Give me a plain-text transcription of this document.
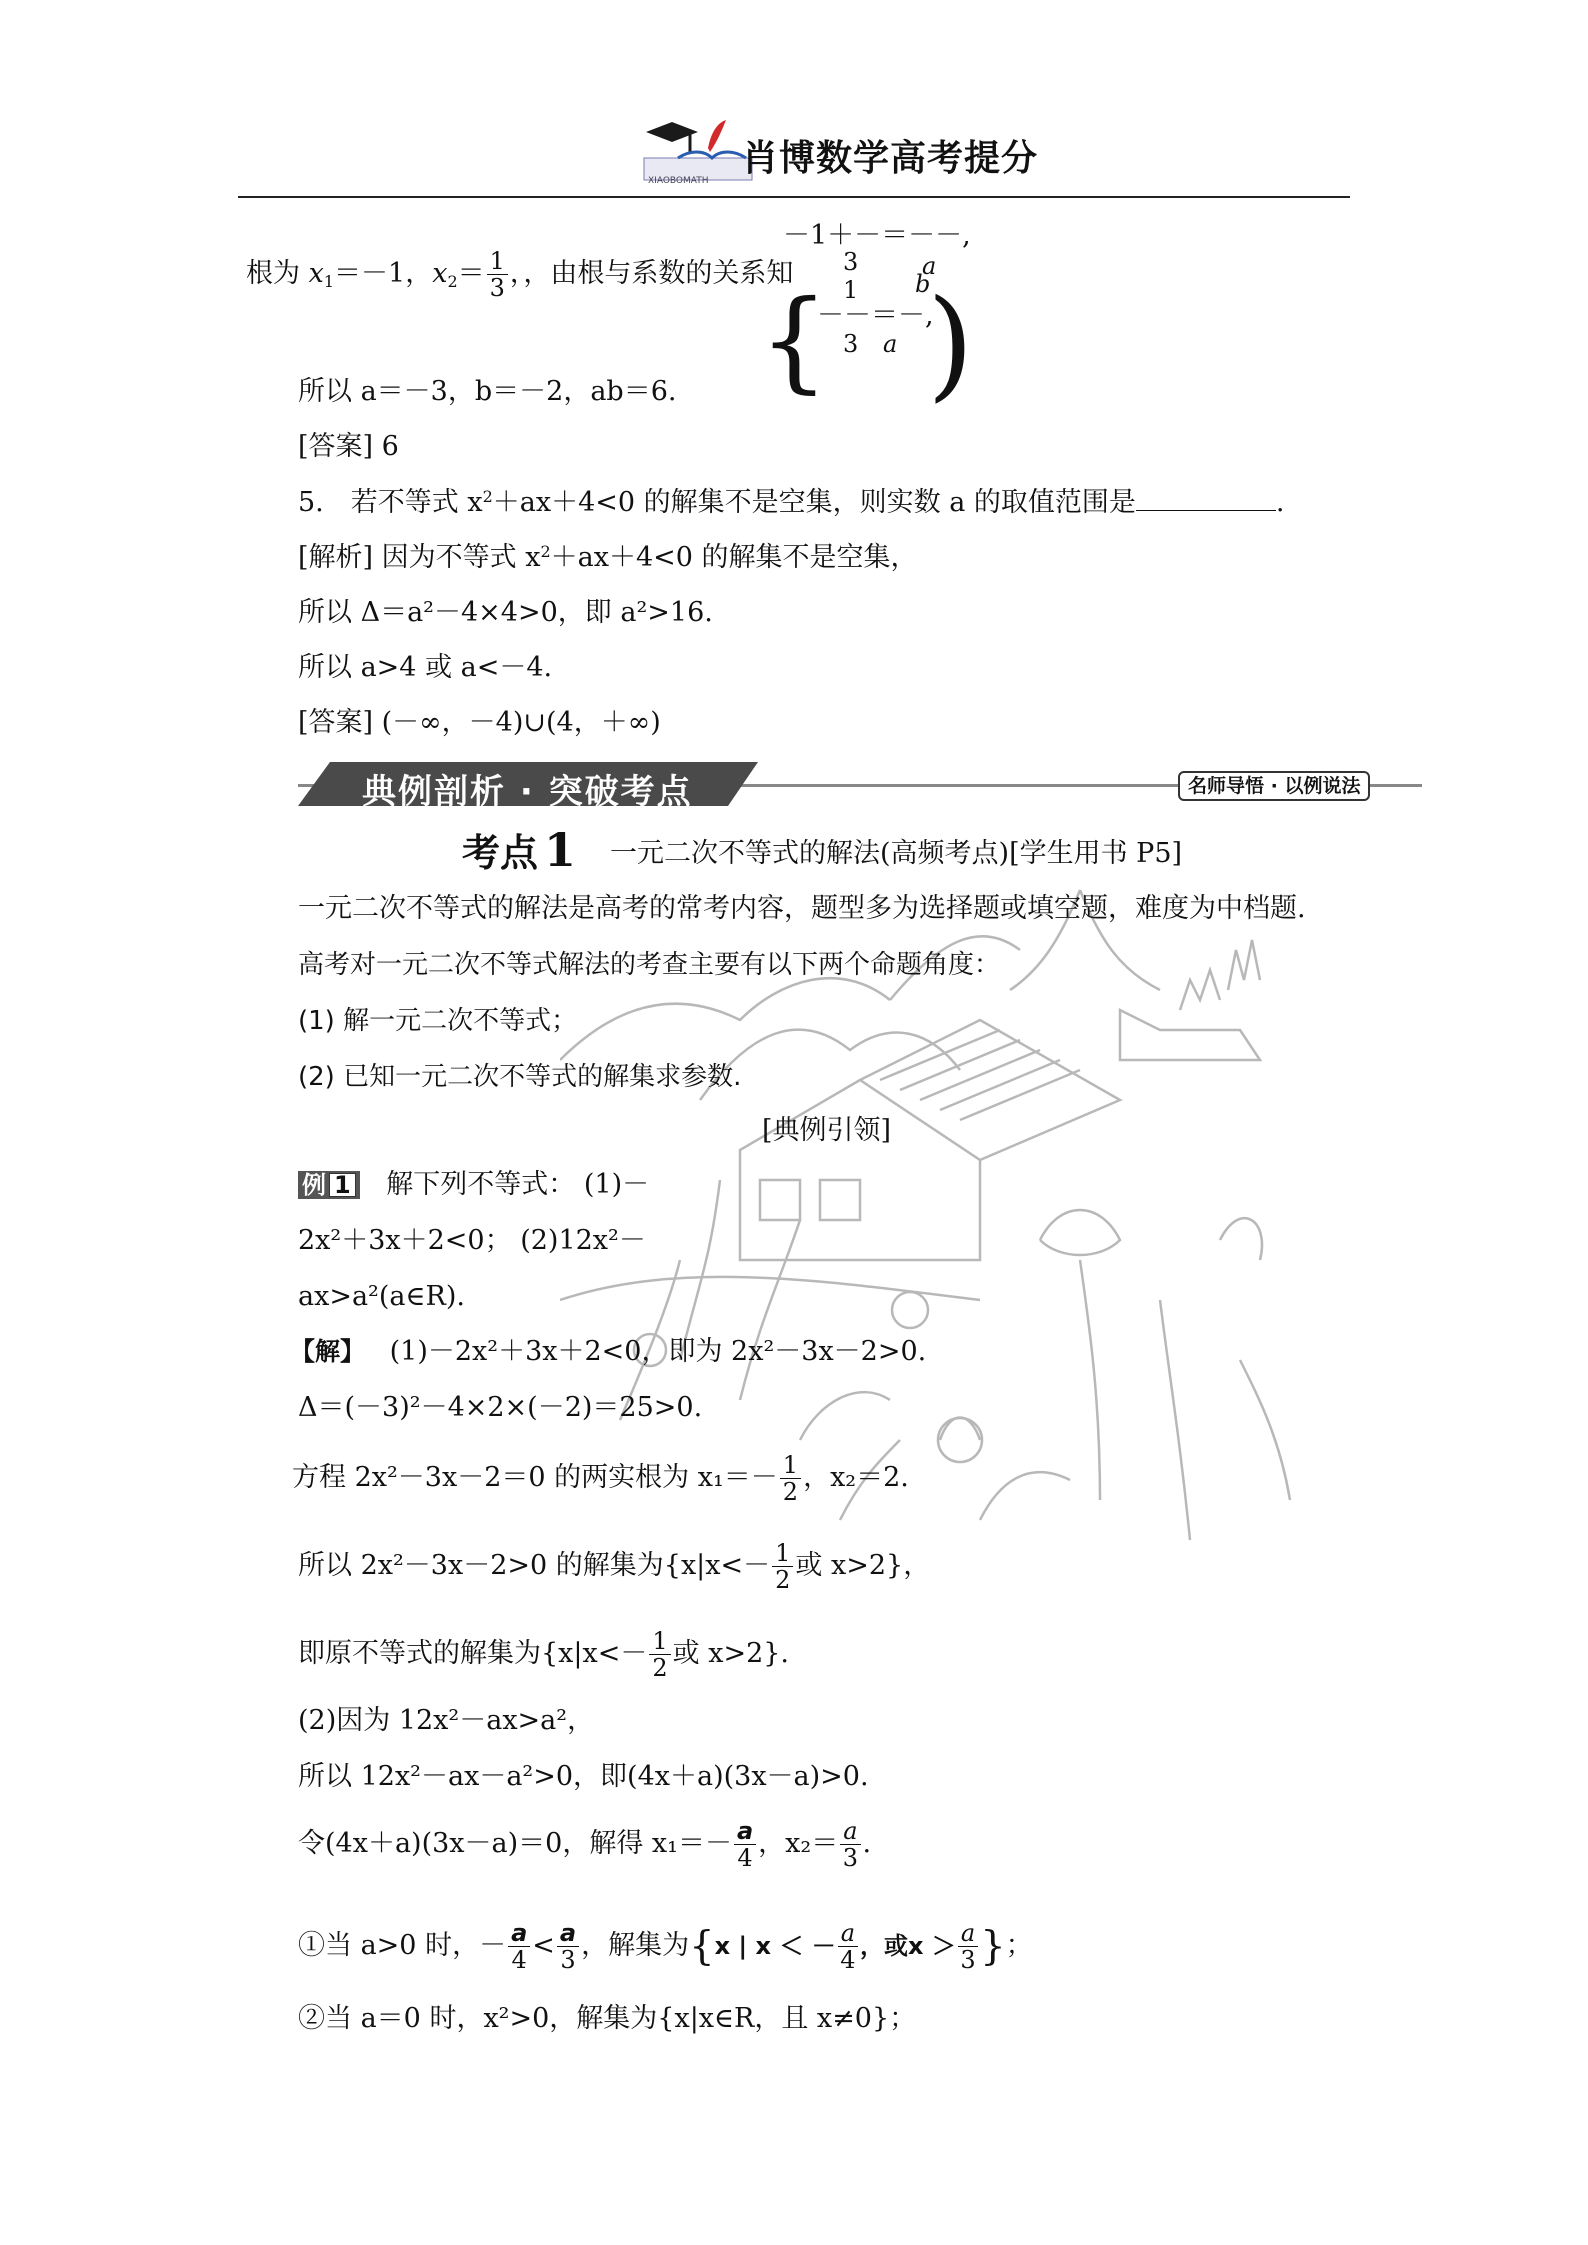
XIAOBOMATH
肖博数学高考提分
根为 $x_1=-1$，$x_2= \frac{1}{3}$ ，，由根与系数的关系知
－1＋－＝－－,
a
3
1 b
－－＝－,
3 a
{ )
所以 a＝－3，b＝－2，ab＝6.
[答案] 6
5.　若不等式 $x^2+ax+4<0$ 的解集不是空集，则实数 a 的取值范围是	.
[解析] 因为不等式 $x^2+ax+4<0$ 的解集不是空集，
所以 Δ＝a²－4×4>0，即 a²>16.
所以 a>4 或 a<－4.
[答案] (－∞，－4)∪(4，＋∞)
典例剖析 · 突破考点	名师导悟 · 以例说法
考点 1 一元二次不等式的解法(高频考点)[学生用书 P5]
一元二次不等式的解法是高考的常考内容，题型多为选择题或填空题，难度为中档题.
高考对一元二次不等式解法的考查主要有以下两个命题角度：
(1) 解一元二次不等式；
(2) 已知一元二次不等式的解集求参数.
[典例引领]
例 1 解下列不等式： (1)－
2x²＋3x＋2<0； (2)12x²－
ax>a²(a∈R).
【解】 (1)－2x²＋3x＋2<0，即为 2x²－3x－2>0.
Δ＝(－3)²－4×2×(－2)＝25>0.
方程 2x²－3x－2＝0 的两实根为 $x_1=- \frac{1}{2}$ ，x₂＝2.
所以 2x²－3x－2>0 的解集为{$x|x<- \frac{1}{2}$ 或 x>2}，
即原不等式的解集为{$x|x<- \frac{1}{2}$ 或 x>2}.
(2)因为 12x²－ax>a²，
所以 12x²－ax－a²>0，即(4x＋a)(3x－a)>0.
令(4x＋a)(3x－a)＝0，解得 $x_1=- \frac{a}{4}$ ，$x_2= \frac{a}{3}$ .
①当 a>0 时，－ $\frac{a}{4} < \frac{a}{3}$ ，解集为{x | x ＜ － $\frac{a}{4}$ ，或$x > \frac{a}{3}$ }；
②当 a＝0 时，x²>0，解集为{x|x∈R，且 x≠0}；
